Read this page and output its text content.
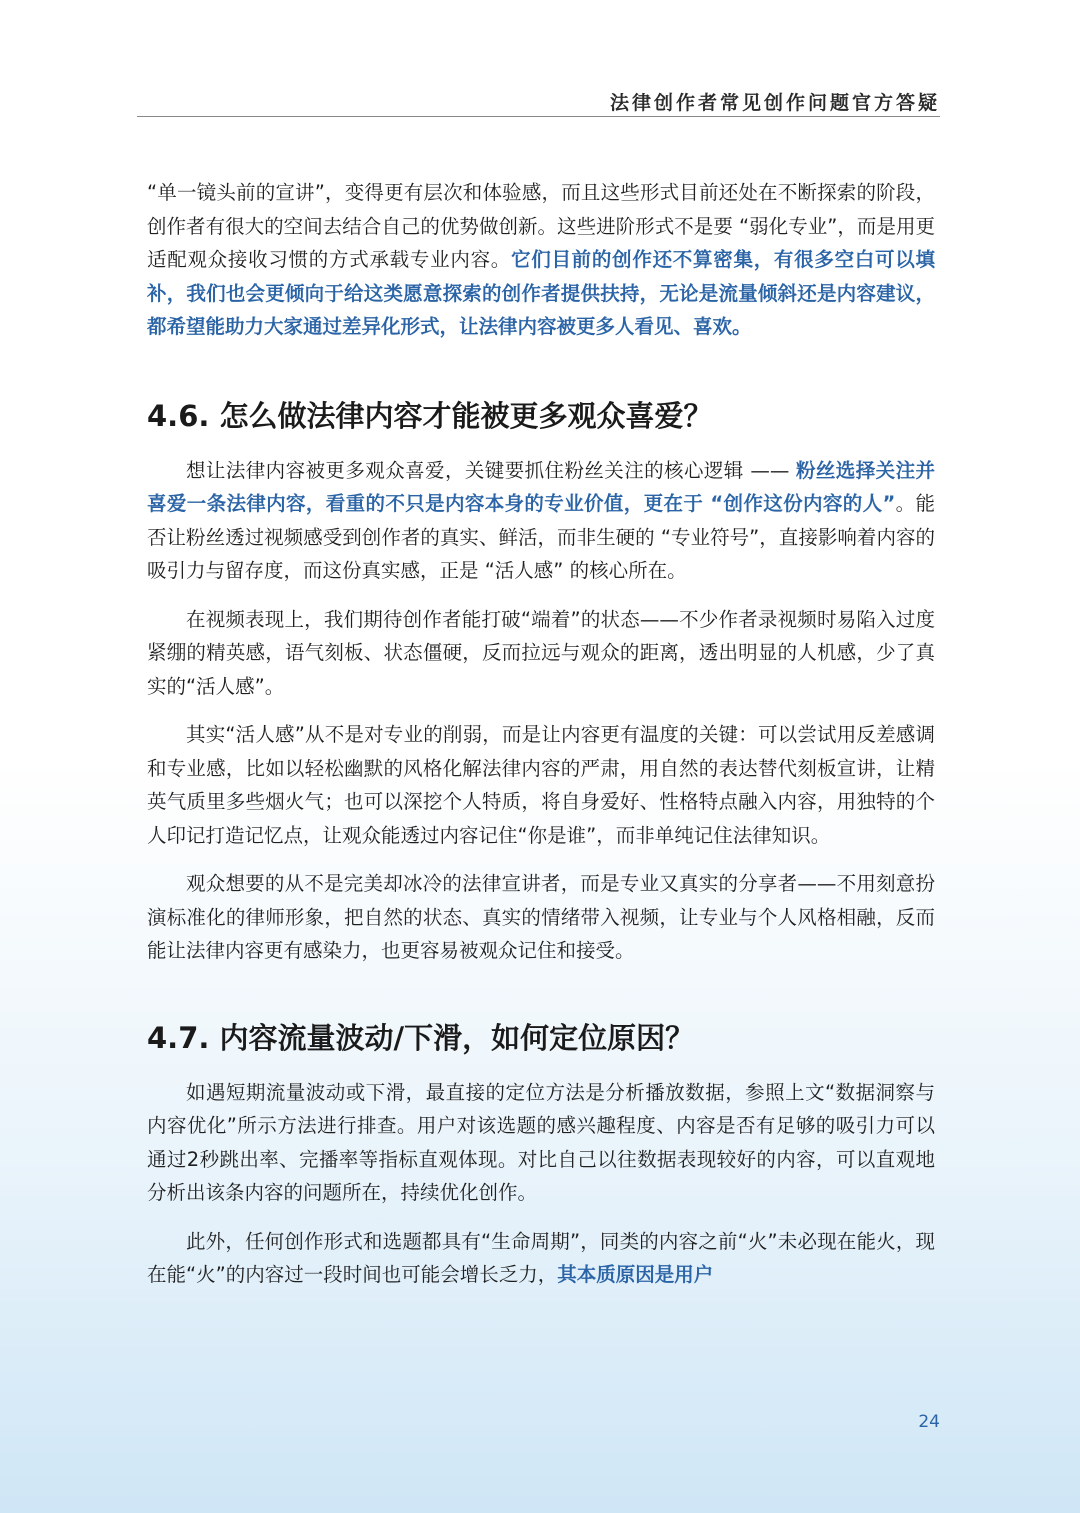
法律创作者常见创作问题官方答疑

“单一镜头前的宣讲”，变得更有层次和体验感，而且这些形式目前还处在不断探索的阶段，创作者有很大的空间去结合自己的优势做创新。这些进阶形式不是要 “弱化专业”，而是用更适配观众接收习惯的方式承载专业内容。它们目前的创作还不算密集，有很多空白可以填补，我们也会更倾向于给这类愿意探索的创作者提供扶持，无论是流量倾斜还是内容建议，都希望能助力大家通过差异化形式，让法律内容被更多人看见、喜欢。

4.6. 怎么做法律内容才能被更多观众喜爱？

想让法律内容被更多观众喜爱，关键要抓住粉丝关注的核心逻辑 —— 粉丝选择关注并喜爱一条法律内容，看重的不只是内容本身的专业价值，更在于 “创作这份内容的人”。能否让粉丝透过视频感受到创作者的真实、鲜活，而非生硬的 “专业符号”，直接影响着内容的吸引力与留存度，而这份真实感，正是 “活人感” 的核心所在。

在视频表现上，我们期待创作者能打破“端着”的状态——不少作者录视频时易陷入过度紧绷的精英感，语气刻板、状态僵硬，反而拉远与观众的距离，透出明显的人机感，少了真实的“活人感”。

其实“活人感”从不是对专业的削弱，而是让内容更有温度的关键：可以尝试用反差感调和专业感，比如以轻松幽默的风格化解法律内容的严肃，用自然的表达替代刻板宣讲，让精英气质里多些烟火气；也可以深挖个人特质，将自身爱好、性格特点融入内容，用独特的个人印记打造记忆点，让观众能透过内容记住“你是谁”，而非单纯记住法律知识。

观众想要的从不是完美却冰冷的法律宣讲者，而是专业又真实的分享者——不用刻意扮演标准化的律师形象，把自然的状态、真实的情绪带入视频，让专业与个人风格相融，反而能让法律内容更有感染力，也更容易被观众记住和接受。

4.7. 内容流量波动/下滑，如何定位原因？

如遇短期流量波动或下滑，最直接的定位方法是分析播放数据，参照上文“数据洞察与内容优化”所示方法进行排查。用户对该选题的感兴趣程度、内容是否有足够的吸引力可以通过2秒跳出率、完播率等指标直观体现。对比自己以往数据表现较好的内容，可以直观地分析出该条内容的问题所在，持续优化创作。

此外，任何创作形式和选题都具有“生命周期”，同类的内容之前“火”未必现在能火，现在能“火”的内容过一段时间也可能会增长乏力，其本质原因是用户

24
